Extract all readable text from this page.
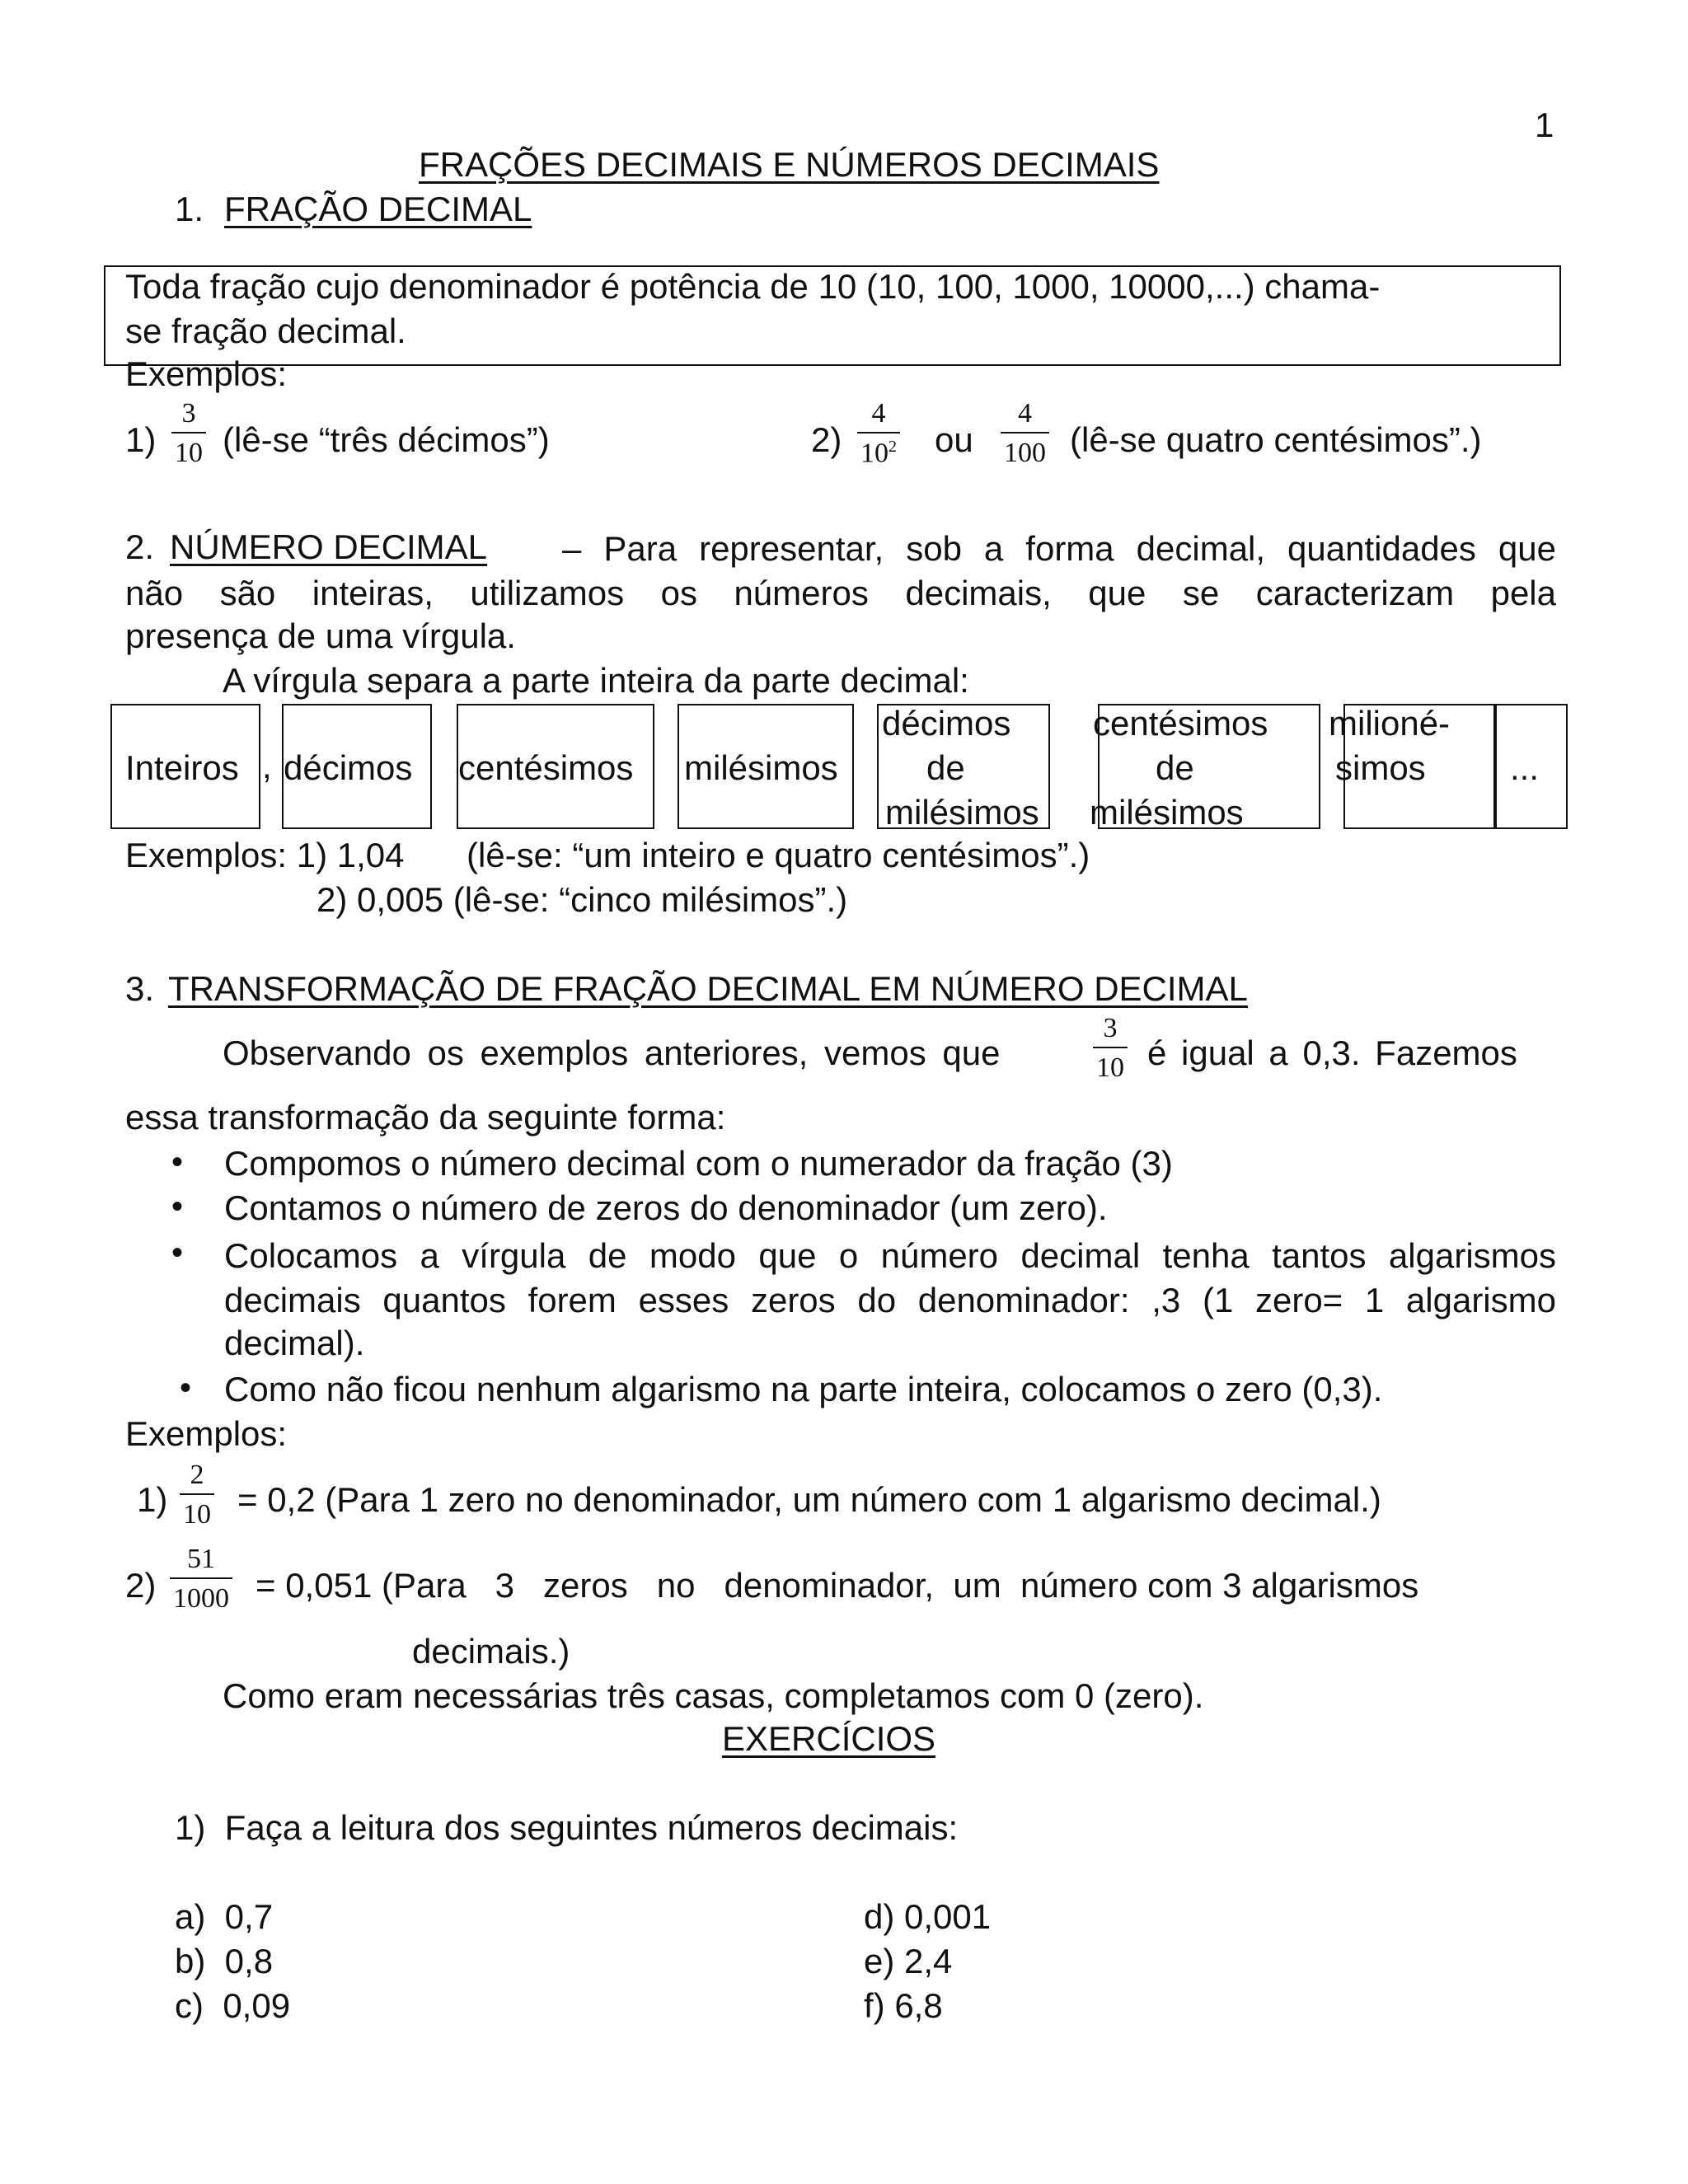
1
FRAÇÕES DECIMAIS E NÚMEROS DECIMAIS
1. FRAÇÃO DECIMAL
Toda fração cujo denominador é potência de 10 (10, 100, 1000, 10000,...) chama-
se fração decimal.
Exemplos:
$1) \frac{3}{10}$ (lê-se “três décimos”)	$2) \frac{4}{10^2}$ ou $\frac{4}{100}$ (lê-se quatro centésimos”.)
2. NÚMERO DECIMAL – Para representar, sob a forma decimal, quantidades que
não são inteiras, utilizamos os números decimais, que se caracterizam pela
presença de uma vírgula.
A vírgula separa a parte inteira da parte decimal:
Inteiros , décimos centésimos milésimos
décimos
de
milésimos
centésimos
de
milésimos
milioné-
simos ...
Exemplos: 1) 1,04 (lê-se: “um inteiro e quatro centésimos”.)
2) 0,005 (lê-se: “cinco milésimos”.)
3. TRANSFORMAÇÃO DE FRAÇÃO DECIMAL EM NÚMERO DECIMAL
Observando os exemplos anteriores, vemos que	$\frac{3}{10}$ é igual a 0,3. Fazemos
essa transformação da seguinte forma:
• Compomos o número decimal com o numerador da fração (3)
• Contamos o número de zeros do denominador (um zero).
• Colocamos a vírgula de modo que o número decimal tenha tantos algarismos
decimais quantos forem esses zeros do denominador: ,3 (1 zero= 1 algarismo
decimal).
• Como não ficou nenhum algarismo na parte inteira, colocamos o zero (0,3).
Exemplos:
$1) \frac{2}{10} = 0,2$ (Para 1 zero no denominador, um número com 1 algarismo decimal.)
$2) \frac{51}{1000} = 0,051$ (Para   3   zeros   no   denominador,  um  número com 3 algarismos
decimais.)
Como eram necessárias três casas, completamos com 0 (zero).
EXERCÍCIOS
1)  Faça a leitura dos seguintes números decimais:
a)  0,7
b)  0,8
c)  0,09
d) 0,001
e) 2,4
f) 6,8
